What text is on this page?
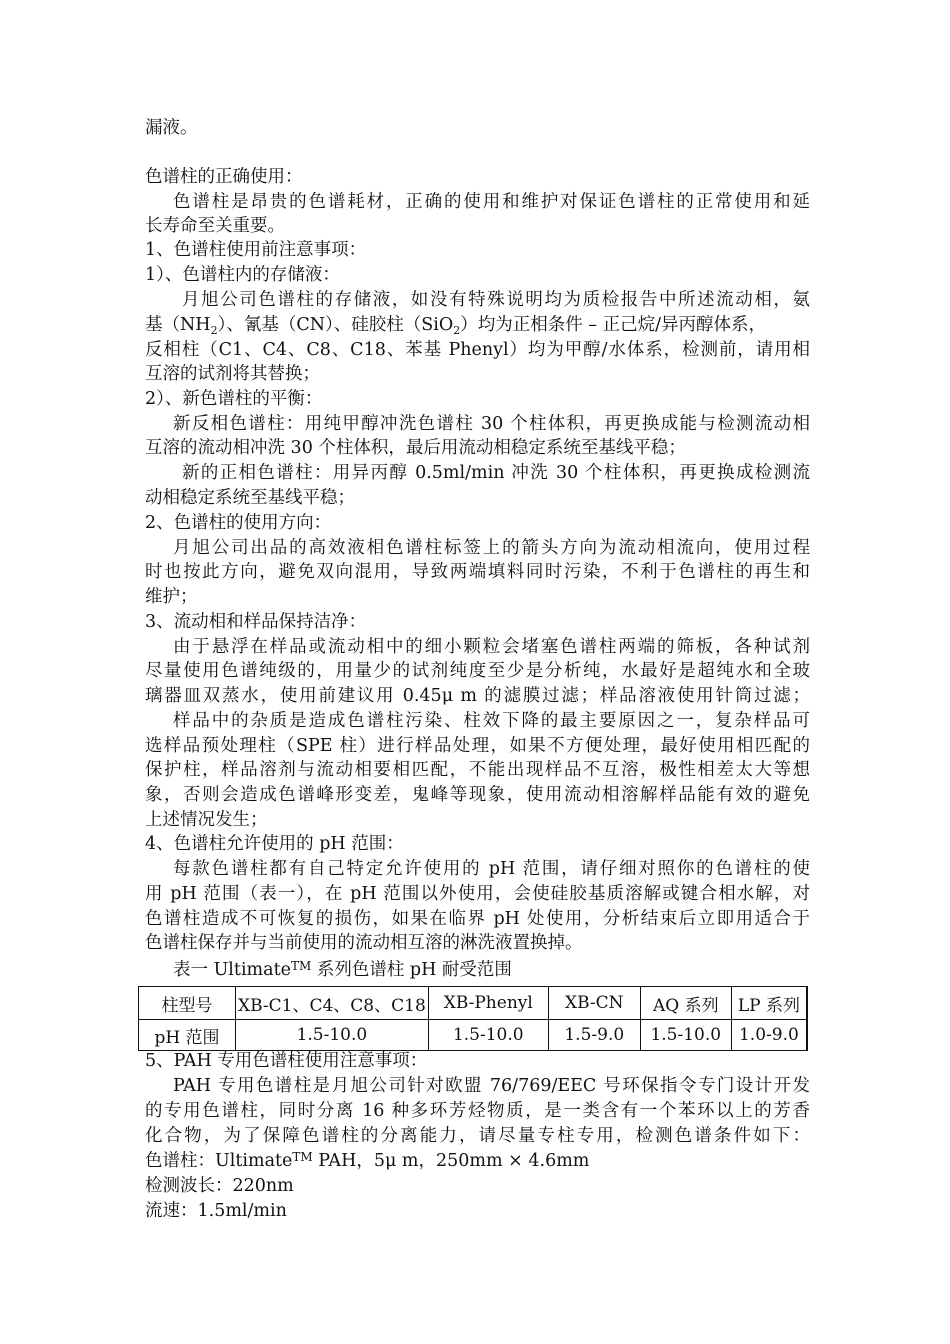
漏液。
色谱柱的正确使用：
色谱柱是昂贵的色谱耗材，正确的使用和维护对保证色谱柱的正常使用和延
长寿命至关重要。
1、色谱柱使用前注意事项：
1）、色谱柱内的存储液：
月旭公司色谱柱的存储液，如没有特殊说明均为质检报告中所述流动相，氨
基$(NH_2)$、氰基（CN）、硅胶柱（SiO$_2$）均为正相条件 – 正己烷/异丙醇体系，
反相柱（C1、C4、C8、C18、苯基 Phenyl）均为甲醇/水体系，检测前，请用相
互溶的试剂将其替换；
2）、新色谱柱的平衡：
新反相色谱柱：用纯甲醇冲洗色谱柱 30 个柱体积，再更换成能与检测流动相
互溶的流动相冲洗 30 个柱体积，最后用流动相稳定系统至基线平稳；
新的正相色谱柱：用异丙醇 0.5ml/min 冲洗 30 个柱体积，再更换成检测流
动相稳定系统至基线平稳；
2、色谱柱的使用方向：
月旭公司出品的高效液相色谱柱标签上的箭头方向为流动相流向，使用过程
时也按此方向，避免双向混用，导致两端填料同时污染，不利于色谱柱的再生和
维护；
3、流动相和样品保持洁净：
由于悬浮在样品或流动相中的细小颗粒会堵塞色谱柱两端的筛板，各种试剂
尽量使用色谱纯级的，用量少的试剂纯度至少是分析纯，水最好是超纯水和全玻
璃器皿双蒸水，使用前建议用 0.45μ m 的滤膜过滤；样品溶液使用针筒过滤；
样品中的杂质是造成色谱柱污染、柱效下降的最主要原因之一，复杂样品可
选样品预处理柱（SPE 柱）进行样品处理，如果不方便处理，最好使用相匹配的
保护柱，样品溶剂与流动相要相匹配，不能出现样品不互溶，极性相差太大等想
象，否则会造成色谱峰形变差，鬼峰等现象，使用流动相溶解样品能有效的避免
上述情况发生；
4、色谱柱允许使用的 pH 范围：
每款色谱柱都有自己特定允许使用的 pH 范围，请仔细对照你的色谱柱的使
用 pH 范围（表一），在 pH 范围以外使用，会使硅胶基质溶解或键合相水解，对
色谱柱造成不可恢复的损伤，如果在临界 pH 处使用，分析结束后立即用适合于
色谱柱保存并与当前使用的流动相互溶的淋洗液置换掉。
表一 Ultimate™ 系列色谱柱 pH 耐受范围
柱型号	XB-C1、C4、C8、C18	XB-Phenyl	XB-CN	AQ 系列	LP 系列
pH 范围	1.5-10.0	1.5-10.0	1.5-9.0	1.5-10.0	1.0-9.0
5、PAH 专用色谱柱使用注意事项：
PAH 专用色谱柱是月旭公司针对欧盟 76/769/EEC 号环保指令专门设计开发
的专用色谱柱，同时分离 16 种多环芳烃物质，是一类含有一个苯环以上的芳香
化合物，为了保障色谱柱的分离能力，请尽量专柱专用，检测色谱条件如下：
色谱柱：Ultimate™ PAH，5μ m，250mm × 4.6mm
检测波长：220nm
流速：1.5ml/min
